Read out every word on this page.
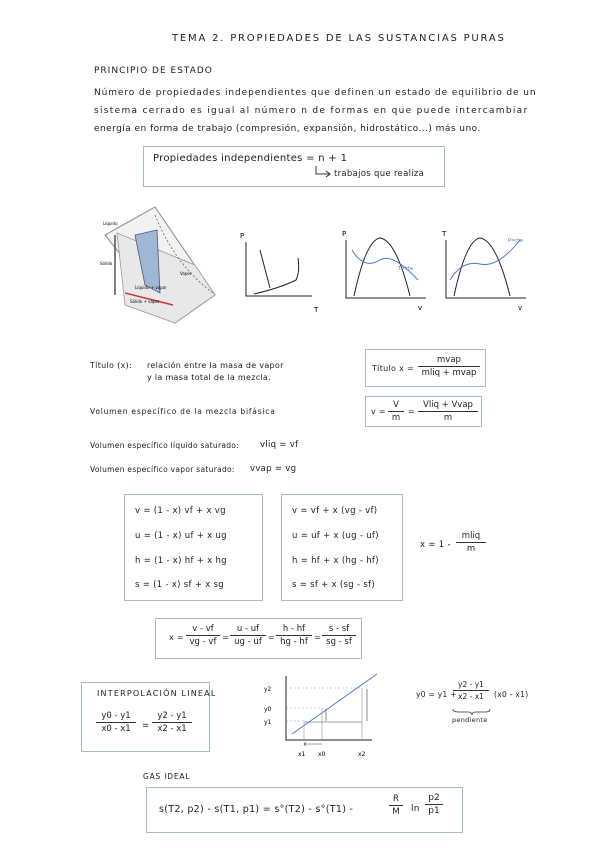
TEMA 2. PROPIEDADES DE LAS SUSTANCIAS PURAS
PRINCIPIO DE ESTADO
Número de propiedades independientes que definen un estado de equilibrio de un
sistema cerrado es igual al número n de formas en que puede intercambiar
energía en forma de trabajo (compresión, expansión, hidrostático...) más uno.
Propiedades independientes = n + 1
trabajos que realiza
Líquido
Sólido
Vapor
Líquido + vapor
Sólido + vapor
P
T
P
T=cte
v
T
P=cte
v
Título (x): relación entre la masa de vapor
y la masa total de la mezcla.
Título x =
mvap
mliq + mvap
Volumen específico de la mezcla bifásica	v =
V
m
=
Vliq + Vvap
m
Volumen específico líquido saturado: vliq = vf
Volumen específico vapor saturado: vvap = vg
v = (1 - x) vf + x vg
u = (1 - x) uf + x ug
h = (1 - x) hf + x hg
s = (1 - x) sf + x sg
v = vf + x (vg - vf)
u = uf + x (ug - uf)
h = hf + x (hg - hf)
s = sf + x (sg - sf)
x = 1 -
mliq
m
x =
v - vf
vg - vf =
u - uf
ug - uf =
h - hf
hg - hf =
s - sf
sg - sf
INTERPOLACIÓN LINEAL
y0 - y1
x0 - x1	=
y2 - y1
x2 - x1
y2
y0
y1
x1 x0	x2
y0 = y1 +
y2 - y1
x2 - x1	(x0 - x1)
pendiente
GAS IDEAL
s(T2, p2) - s(T1, p1) = s°(T2) - s°(T1) -
R
M	ln
p2
p1
